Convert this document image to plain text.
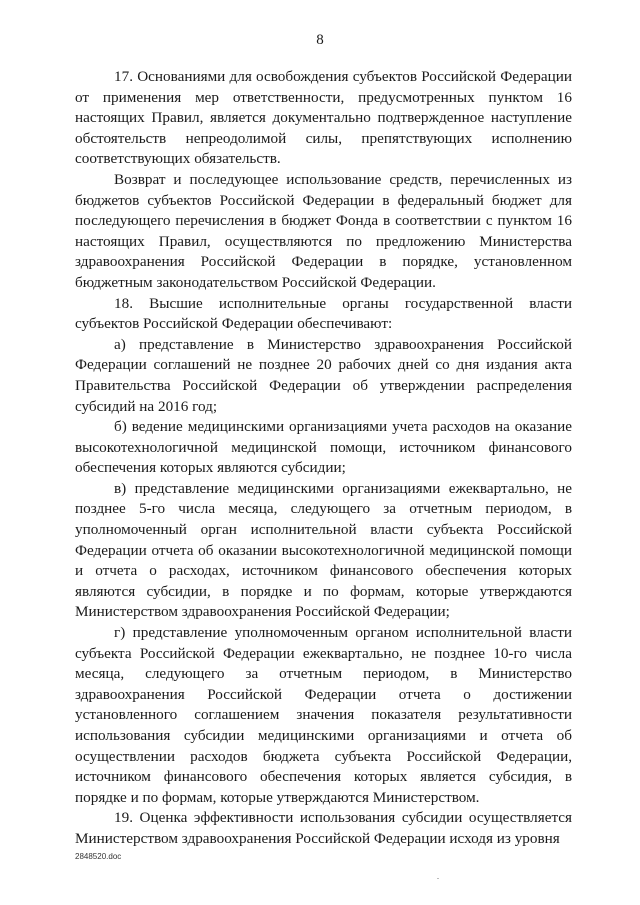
8

17. Основаниями для освобождения субъектов Российской Федерации от применения мер ответственности, предусмотренных пунктом 16 настоящих Правил, является документально подтвержденное наступление обстоятельств непреодолимой силы, препятствующих исполнению соответствующих обязательств.

Возврат и последующее использование средств, перечисленных из бюджетов субъектов Российской Федерации в федеральный бюджет для последующего перечисления в бюджет Фонда в соответствии с пунктом 16 настоящих Правил, осуществляются по предложению Министерства здравоохранения Российской Федерации в порядке, установленном бюджетным законодательством Российской Федерации.

18. Высшие исполнительные органы государственной власти субъектов Российской Федерации обеспечивают:

а) представление в Министерство здравоохранения Российской Федерации соглашений не позднее 20 рабочих дней со дня издания акта Правительства Российской Федерации об утверждении распределения субсидий на 2016 год;

б) ведение медицинскими организациями учета расходов на оказание высокотехнологичной медицинской помощи, источником финансового обеспечения которых являются субсидии;

в) представление медицинскими организациями ежеквартально, не позднее 5-го числа месяца, следующего за отчетным периодом, в уполномоченный орган исполнительной власти субъекта Российской Федерации отчета об оказании высокотехнологичной медицинской помощи и отчета о расходах, источником финансового обеспечения которых являются субсидии, в порядке и по формам, которые утверждаются Министерством здравоохранения Российской Федерации;

г) представление уполномоченным органом исполнительной власти субъекта Российской Федерации ежеквартально, не позднее 10-го числа месяца, следующего за отчетным периодом, в Министерство здравоохранения Российской Федерации отчета о достижении установленного соглашением значения показателя результативности использования субсидии медицинскими организациями и отчета об осуществлении расходов бюджета субъекта Российской Федерации, источником финансового обеспечения которых является субсидия, в порядке и по формам, которые утверждаются Министерством.

19. Оценка эффективности использования субсидии осуществляется Министерством здравоохранения Российской Федерации исходя из уровня

2848520.doc
